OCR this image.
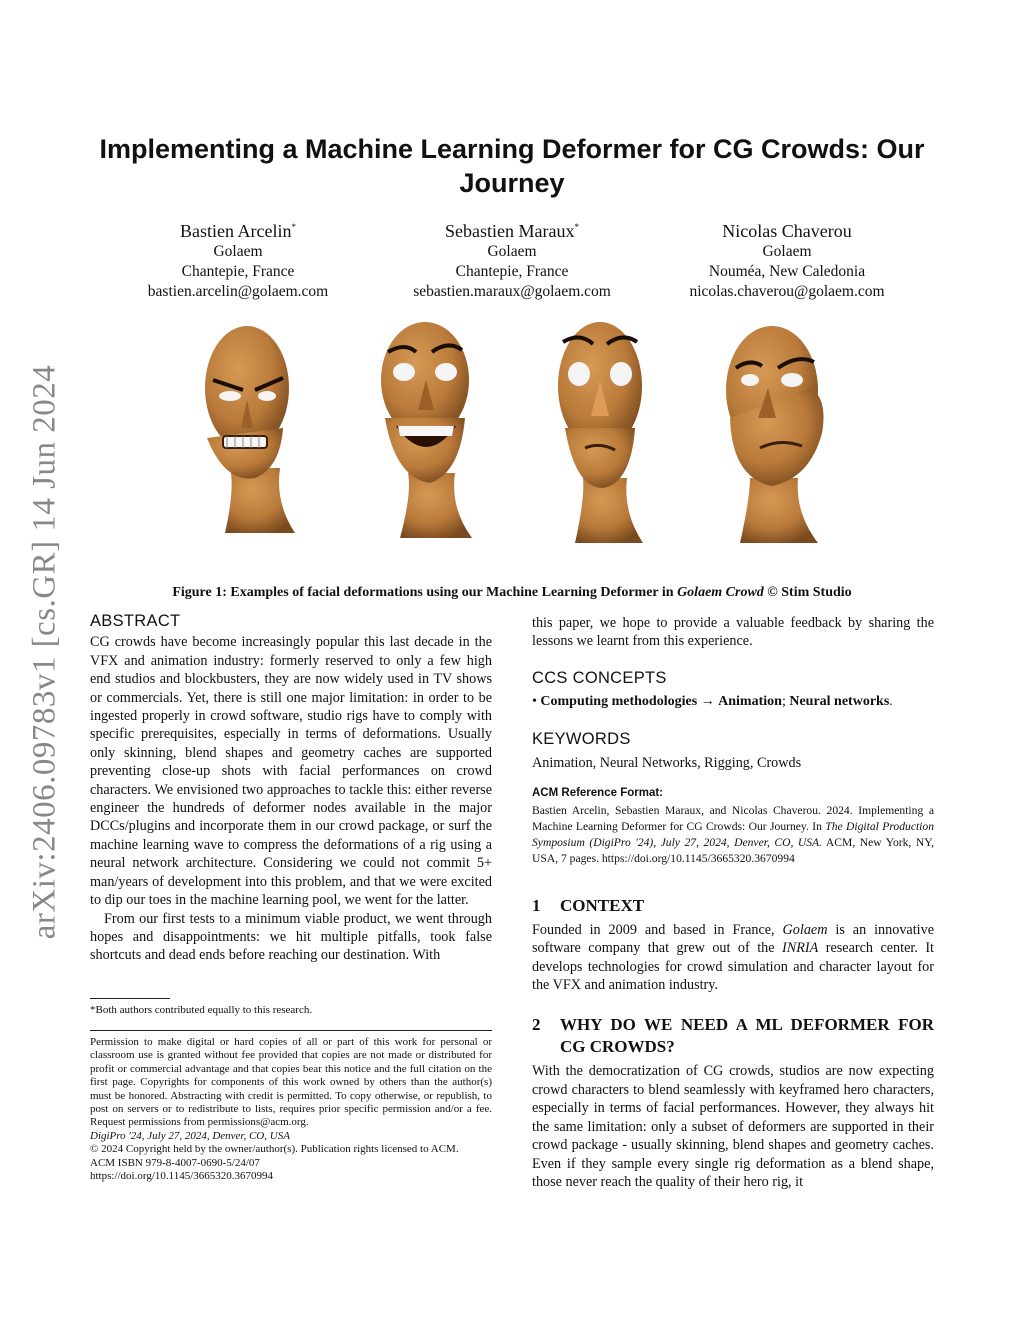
arXiv:2406.09783v1 [cs.GR] 14 Jun 2024
Implementing a Machine Learning Deformer for CG Crowds: Our Journey
Bastien Arcelin*
Golaem
Chantepie, France
bastien.arcelin@golaem.com
Sebastien Maraux*
Golaem
Chantepie, France
sebastien.maraux@golaem.com
Nicolas Chaverou
Golaem
Nouméa, New Caledonia
nicolas.chaverou@golaem.com
Figure 1: Examples of facial deformations using our Machine Learning Deformer in Golaem Crowd © Stim Studio
ABSTRACT

CG crowds have become increasingly popular this last decade in the VFX and animation industry: formerly reserved to only a few high end studios and blockbusters, they are now widely used in TV shows or commercials. Yet, there is still one major limitation: in order to be ingested properly in crowd software, studio rigs have to comply with specific prerequisites, especially in terms of deformations. Usually only skinning, blend shapes and geometry caches are supported preventing close-up shots with facial performances on crowd characters. We envisioned two approaches to tackle this: either reverse engineer the hundreds of deformer nodes available in the major DCCs/plugins and incorporate them in our crowd package, or surf the machine learning wave to compress the deformations of a rig using a neural network architecture. Considering we could not commit 5+ man/years of development into this problem, and that we were excited to dip our toes in the machine learning pool, we went for the latter.

From our first tests to a minimum viable product, we went through hopes and disappointments: we hit multiple pitfalls, took false shortcuts and dead ends before reaching our destination. With

*Both authors contributed equally to this research.
Permission to make digital or hard copies of all or part of this work for personal or classroom use is granted without fee provided that copies are not made or distributed for profit or commercial advantage and that copies bear this notice and the full citation on the first page. Copyrights for components of this work owned by others than the author(s) must be honored. Abstracting with credit is permitted. To copy otherwise, or republish, to post on servers or to redistribute to lists, requires prior specific permission and/or a fee. Request permissions from permissions@acm.org.
DigiPro '24, July 27, 2024, Denver, CO, USA
© 2024 Copyright held by the owner/author(s). Publication rights licensed to ACM.
ACM ISBN 979-8-4007-0690-5/24/07
https://doi.org/10.1145/3665320.3670994

this paper, we hope to provide a valuable feedback by sharing the lessons we learnt from this experience.

CCS CONCEPTS

• Computing methodologies → Animation; Neural networks.

KEYWORDS

Animation, Neural Networks, Rigging, Crowds

ACM Reference Format:

Bastien Arcelin, Sebastien Maraux, and Nicolas Chaverou. 2024. Implementing a Machine Learning Deformer for CG Crowds: Our Journey. In The Digital Production Symposium (DigiPro '24), July 27, 2024, Denver, CO, USA. ACM, New York, NY, USA, 7 pages. https://doi.org/10.1145/3665320.3670994

1 CONTEXT

Founded in 2009 and based in France, Golaem is an innovative software company that grew out of the INRIA research center. It develops technologies for crowd simulation and character layout for the VFX and animation industry.

2	WHY DO WE NEED A ML DEFORMER FOR CG CROWDS?

With the democratization of CG crowds, studios are now expecting crowd characters to blend seamlessly with keyframed hero characters, especially in terms of facial performances. However, they always hit the same limitation: only a subset of deformers are supported in their crowd package - usually skinning, blend shapes and geometry caches. Even if they sample every single rig deformation as a blend shape, those never reach the quality of their hero rig, it
